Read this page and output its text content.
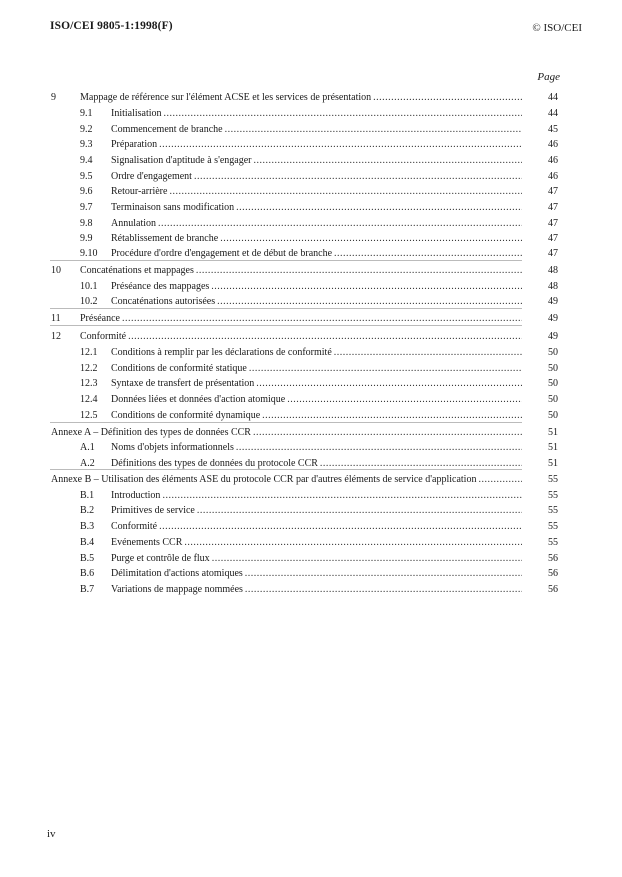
ISO/CEI 9805-1:1998(F)	© ISO/CEI
Page
9 Mappage de référence sur l'élément ACSE et les services de présentation .....	44
9.1 Initialisation .....	44
9.2 Commencement de branche .....	45
9.3 Préparation .....	46
9.4 Signalisation d'aptitude à s'engager .....	46
9.5 Ordre d'engagement .....	46
9.6 Retour-arrière .....	47
9.7 Terminaison sans modification .....	47
9.8 Annulation .....	47
9.9 Rétablissement de branche .....	47
9.10 Procédure d'ordre d'engagement et de début de branche .....	47
10 Concaténations et mappages .....	48
10.1 Préséance des mappages .....	48
10.2 Concaténations autorisées .....	49
11 Préséance .....	49
12 Conformité .....	49
12.1 Conditions à remplir par les déclarations de conformité .....	50
12.2 Conditions de conformité statique .....	50
12.3 Syntaxe de transfert de présentation .....	50
12.4 Données liées et données d'action atomique .....	50
12.5 Conditions de conformité dynamique .....	50
Annexe A – Définition des types de données CCR .....	51
A.1 Noms d'objets informationnels .....	51
A.2 Définitions des types de données du protocole CCR .....	51
Annexe B – Utilisation des éléments ASE du protocole CCR par d'autres éléments de service d'application .....	55
B.1 Introduction .....	55
B.2 Primitives de service .....	55
B.3 Conformité .....	55
B.4 Evénements CCR .....	55
B.5 Purge et contrôle de flux .....	56
B.6 Délimitation d'actions atomiques .....	56
B.7 Variations de mappage nommées .....	56
iv
